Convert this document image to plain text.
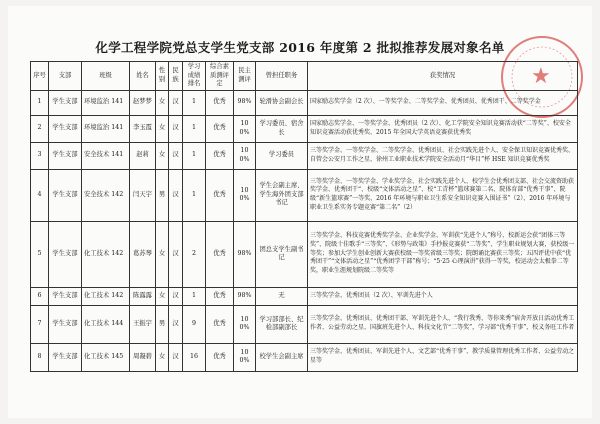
化学工程学院党总支学生党支部 2016 年度第 2 批拟推荐发展对象名单
★
序号	支部	班级	姓名	性别	民族	学习成绩排名	综合素质测评定	民主测评	曾担任职务	获奖情况
1	学生支部	环境监治 141	赵梦梦	女	汉	1	优秀	98%	轮滑协会副会长	国家励志奖学金（2 次）、一等奖学金、二等奖学金、优秀团员、优秀团干、二等奖学金
2	学生支部	环境监治 141	李玉霞	女	汉	1	优秀	100%	学习委员、宿舍长	国家励志奖学金、一等奖学金、优秀团员（2 次）、化工学院安全知识竞赛活动获“二等奖”、校安全知识竞赛活动获优秀奖、2015 年全国大学英语竞赛获优秀奖
3	学生支部	安全技术 141	赵莉	女	汉	1	优秀	100%	学习委员	三等奖学金、一等奖学金、二等奖学金、优秀团员、社会实践先进个人、安全保卫知识竞赛优秀奖、自管会公安月工作之星、徐州工业职业技术学院安全活动月“华目”杯 HSE 知识竞赛优秀奖
4	学生支部	安全技术 142	闫天宇	男	汉	1	优秀	100%	学生会副主席、学生海外团支部书记	三等奖学金、一等奖学金、学业奖学金、社会实践先进个人、校学生会优秀团支部、社会交流资助获奖学金、优秀团干“、校级“文体活动之星”、校“工青杯”篮球赛第二名、院体育部“优秀干事”、院级“新生篮球赛”一等奖、2016 年环境与职业卫生系安全知识竞赛入围证书”（2）、2016 年环境与职业卫生系实务专题竞赛“第二名”（2）
5	学生支部	化工技术 142	葛苏琴	女	汉	2	优秀	98%	团总支学生副书记	三等奖学金、科技竞赛优秀奖学金、企业奖学金、军训获“先进个人”称号、校新运会获“团体三等奖”、院级十佳歌手“三等奖”、《形势与政策》手抄报竞赛获“二等奖”、学生职业规划大赛，获校级一等奖；参加大学生创业创新大赛获校级一等奖省级三等奖；院朗诵比赛获三等奖；五四评优中获“优秀团干”“文体活动之星”“优秀团学干部”称号；“5·25 心理演讲”获得一等奖，校运动会太极拳二等奖，职业生涯规划院级二等奖等
6	学生支部	化工技术 142	陈露露	女	汉	1	优秀	98%	无	三等奖学金、优秀团员（2 次）、军训先进个人
7	学生支部	化工技术 144	王振宇	男	汉	9	优秀	100%	学习部部长、纪检部副部长	三等奖学金、优秀团员、优秀团干部、军训先进个人、“我行我秀，等你来秀”宿舍开放日活动优秀工作者、公益劳动之星、国旗班先进个人、科技文化节“二等奖”，学习部“优秀干事”、校义务旺工作者
8	学生支部	化工技术 145	周凝碧	女	汉	16	优秀	100%	校学生会副主席	三等奖学金、优秀团员、军训先进个人、文艺部“优秀干事”、教学质量管理优秀工作者、公益劳动之星等
